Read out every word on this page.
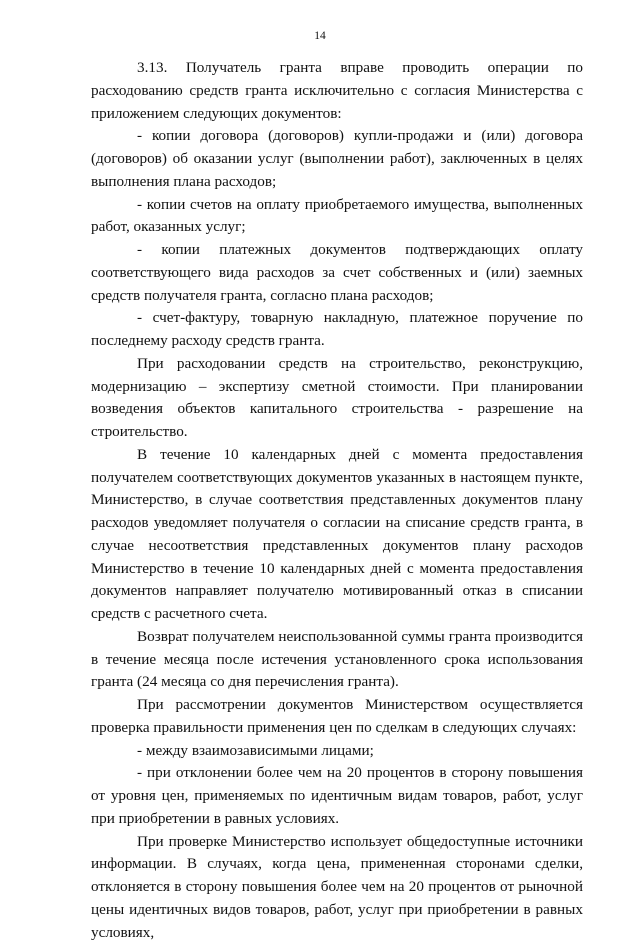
14

3.13. Получатель гранта вправе проводить операции по расходованию средств гранта исключительно с согласия Министерства с приложением следующих документов:

- копии договора (договоров) купли-продажи и (или) договора (договоров) об оказании услуг (выполнении работ), заключенных в целях выполнения плана расходов;

- копии счетов на оплату приобретаемого имущества, выполненных работ, оказанных услуг;

- копии платежных документов подтверждающих оплату соответствующего вида расходов за счет собственных и (или) заемных средств получателя гранта, согласно плана расходов;

- счет-фактуру, товарную накладную, платежное поручение по последнему расходу средств гранта.

При расходовании средств на строительство, реконструкцию, модернизацию – экспертизу сметной стоимости. При планировании возведения объектов капитального строительства - разрешение на строительство.

В течение 10 календарных дней с момента предоставления получателем соответствующих документов указанных в настоящем пункте, Министерство, в случае соответствия представленных документов плану расходов уведомляет получателя о согласии на списание средств гранта, в случае несоответствия представленных документов плану расходов Министерство в течение 10 календарных дней с момента предоставления документов направляет получателю мотивированный отказ в списании средств с расчетного счета.

Возврат получателем неиспользованной суммы гранта производится в течение месяца после истечения установленного срока использования гранта (24 месяца со дня перечисления гранта).

При рассмотрении документов Министерством осуществляется проверка правильности применения цен по сделкам в следующих случаях:

- между взаимозависимыми лицами;

- при отклонении более чем на 20 процентов в сторону повышения от уровня цен, применяемых по идентичным видам товаров, работ, услуг при приобретении в равных условиях.

При проверке Министерство использует общедоступные источники информации. В случаях, когда цена, примененная сторонами сделки, отклоняется в сторону повышения более чем на 20 процентов от рыночной цены идентичных видов товаров, работ, услуг при приобретении в равных условиях,
